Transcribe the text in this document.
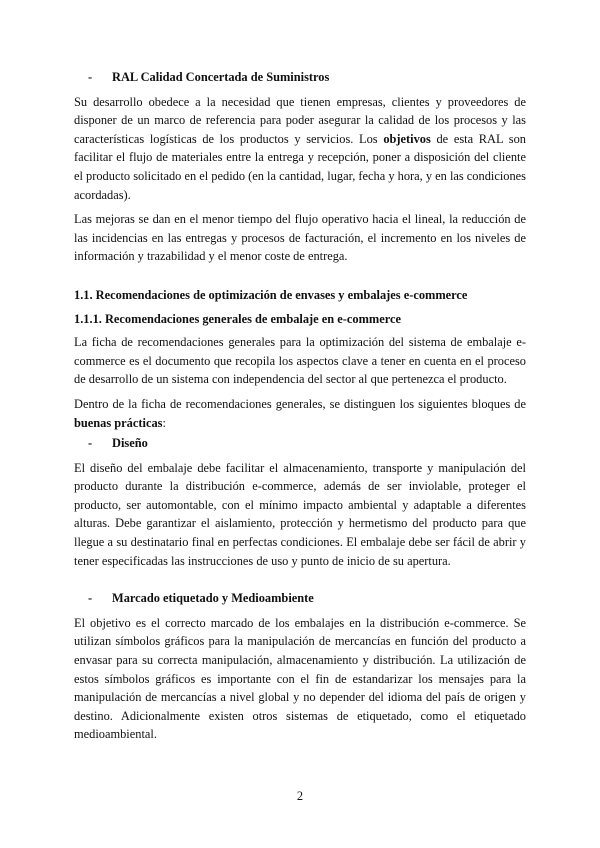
- RAL Calidad Concertada de Suministros

Su desarrollo obedece a la necesidad que tienen empresas, clientes y proveedores de disponer de un marco de referencia para poder asegurar la calidad de los procesos y las características logísticas de los productos y servicios. Los objetivos de esta RAL son facilitar el flujo de materiales entre la entrega y recepción, poner a disposición del cliente el producto solicitado en el pedido (en la cantidad, lugar, fecha y hora, y en las condiciones acordadas).

Las mejoras se dan en el menor tiempo del flujo operativo hacia el lineal, la reducción de las incidencias en las entregas y procesos de facturación, el incremento en los niveles de información y trazabilidad y el menor coste de entrega.

1.1. Recomendaciones de optimización de envases y embalajes e-commerce

1.1.1. Recomendaciones generales de embalaje en e-commerce

La ficha de recomendaciones generales para la optimización del sistema de embalaje e-commerce es el documento que recopila los aspectos clave a tener en cuenta en el proceso de desarrollo de un sistema con independencia del sector al que pertenezca el producto.

Dentro de la ficha de recomendaciones generales, se distinguen los siguientes bloques de buenas prácticas:

- Diseño

El diseño del embalaje debe facilitar el almacenamiento, transporte y manipulación del producto durante la distribución e-commerce, además de ser inviolable, proteger el producto, ser automontable, con el mínimo impacto ambiental y adaptable a diferentes alturas. Debe garantizar el aislamiento, protección y hermetismo del producto para que llegue a su destinatario final en perfectas condiciones. El embalaje debe ser fácil de abrir y tener especificadas las instrucciones de uso y punto de inicio de su apertura.

- Marcado etiquetado y Medioambiente

El objetivo es el correcto marcado de los embalajes en la distribución e-commerce. Se utilizan símbolos gráficos para la manipulación de mercancías en función del producto a envasar para su correcta manipulación, almacenamiento y distribución. La utilización de estos símbolos gráficos es importante con el fin de estandarizar los mensajes para la manipulación de mercancías a nivel global y no depender del idioma del país de origen y destino. Adicionalmente existen otros sistemas de etiquetado, como el etiquetado medioambiental.

2
